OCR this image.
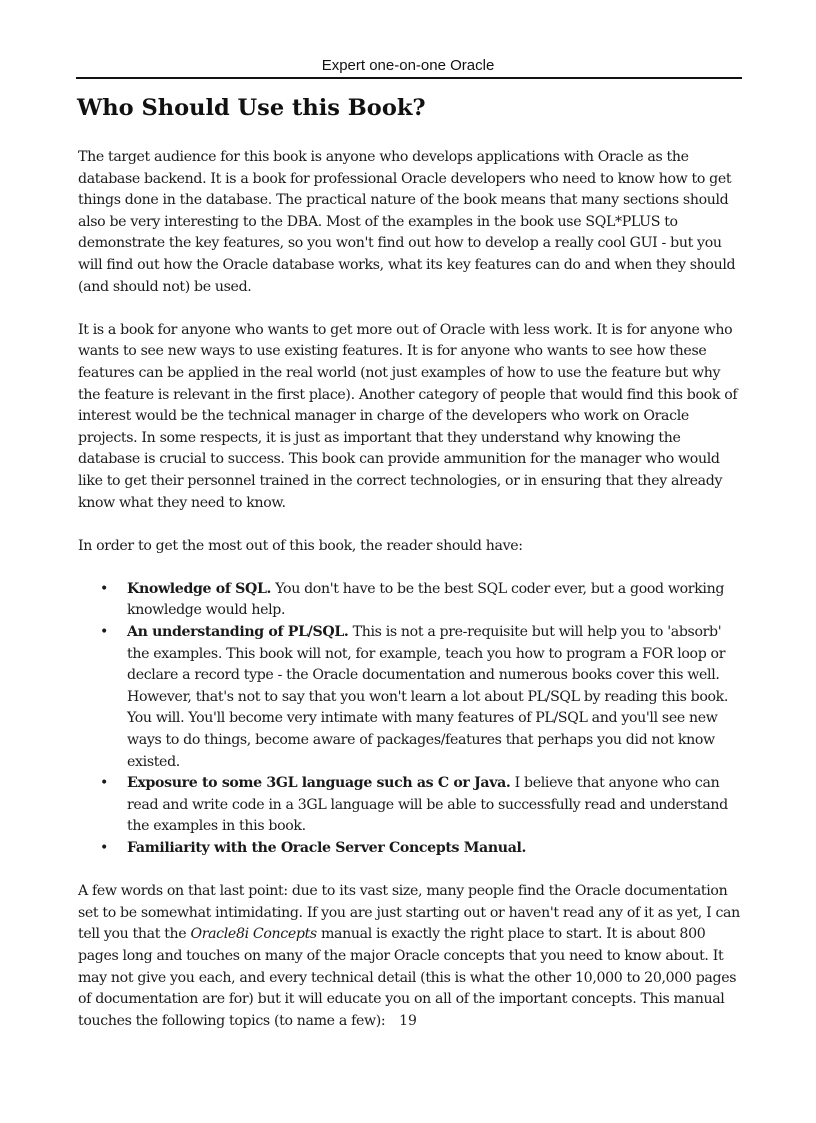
Expert one-on-one Oracle
Who Should Use this Book?

The target audience for this book is anyone who develops applications with Oracle as the database backend. It is a book for professional Oracle developers who need to know how to get things done in the database. The practical nature of the book means that many sections should also be very interesting to the DBA. Most of the examples in the book use SQL*PLUS to demonstrate the key features, so you won't find out how to develop a really cool GUI - but you will find out how the Oracle database works, what its key features can do and when they should (and should not) be used.

It is a book for anyone who wants to get more out of Oracle with less work. It is for anyone who wants to see new ways to use existing features. It is for anyone who wants to see how these features can be applied in the real world (not just examples of how to use the feature but why the feature is relevant in the first place). Another category of people that would find this book of interest would be the technical manager in charge of the developers who work on Oracle projects. In some respects, it is just as important that they understand why knowing the database is crucial to success. This book can provide ammunition for the manager who would like to get their personnel trained in the correct technologies, or in ensuring that they already know what they need to know.

In order to get the most out of this book, the reader should have:

• Knowledge of SQL. You don't have to be the best SQL coder ever, but a good working knowledge would help.
• An understanding of PL/SQL. This is not a pre-requisite but will help you to 'absorb' the examples. This book will not, for example, teach you how to program a FOR loop or declare a record type - the Oracle documentation and numerous books cover this well. However, that's not to say that you won't learn a lot about PL/SQL by reading this book. You will. You'll become very intimate with many features of PL/SQL and you'll see new ways to do things, become aware of packages/features that perhaps you did not know existed.
• Exposure to some 3GL language such as C or Java. I believe that anyone who can read and write code in a 3GL language will be able to successfully read and understand the examples in this book.
• Familiarity with the Oracle Server Concepts Manual.

A few words on that last point: due to its vast size, many people find the Oracle documentation set to be somewhat intimidating. If you are just starting out or haven't read any of it as yet, I can tell you that the Oracle8i Concepts manual is exactly the right place to start. It is about 800 pages long and touches on many of the major Oracle concepts that you need to know about. It may not give you each, and every technical detail (this is what the other 10,000 to 20,000 pages of documentation are for) but it will educate you on all of the important concepts. This manual touches the following topics (to name a few): 19
